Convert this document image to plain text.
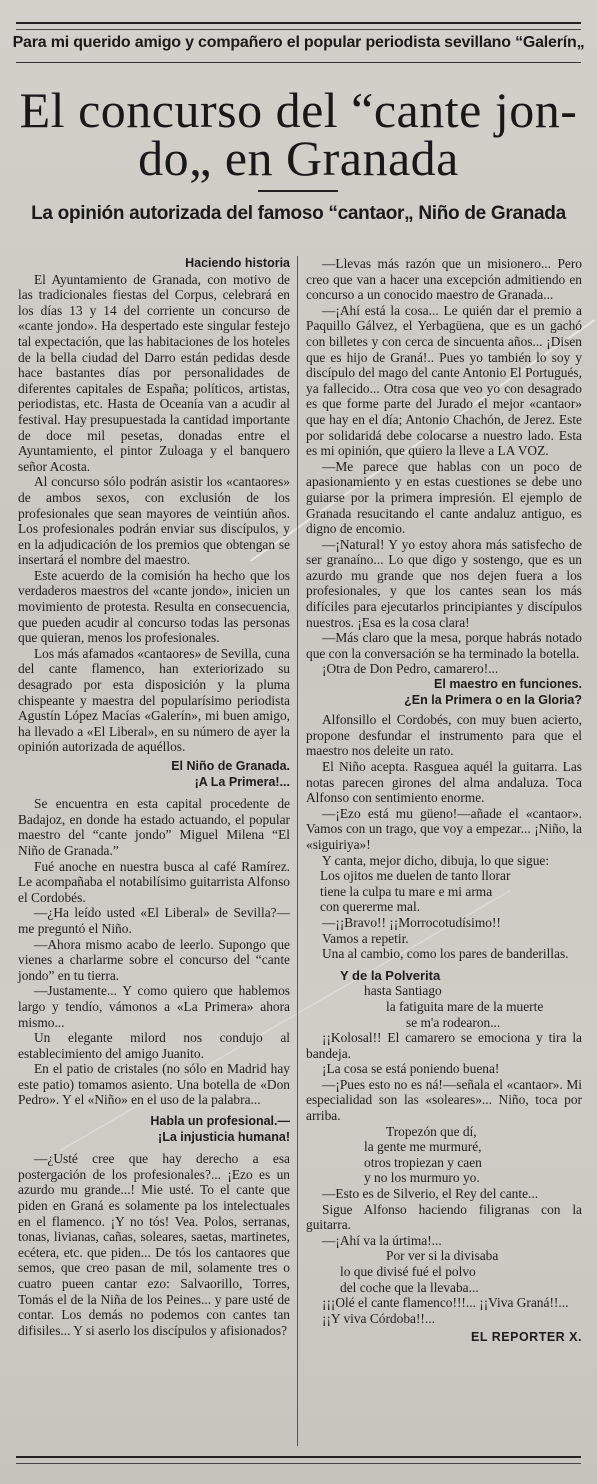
Para mi querido amigo y compañero el popular periodista sevillano “Galerín„
El concurso del “cante jon-
do„ en Granada
La opinión autorizada del famoso “cantaor„ Niño de Granada
Haciendo historia

El Ayuntamiento de Granada, con motivo de las tradicionales fiestas del Corpus, celebrará en los días 13 y 14 del corriente un concurso de «cante jondo». Ha despertado este singular festejo tal expectación, que las habitaciones de los hoteles de la bella ciudad del Darro están pedidas desde hace bastantes días por personalidades de diferentes capitales de España; políticos, artistas, periodistas, etc. Hasta de Oceanía van a acudir al festival. Hay presupuestada la cantidad importante de doce mil pesetas, donadas entre el Ayuntamiento, el pintor Zuloaga y el banquero señor Acosta.

Al concurso sólo podrán asistir los «cantaores» de ambos sexos, con exclusión de los profesionales que sean mayores de veintiún años. Los profesionales podrán enviar sus discípulos, y en la adjudicación de los premios que obtengan se insertará el nombre del maestro.

Este acuerdo de la comisión ha hecho que los verdaderos maestros del «cante jondo», inicien un movimiento de protesta. Resulta en consecuencia, que pueden acudir al concurso todas las personas que quieran, menos los profesionales.

Los más afamados «cantaores» de Sevilla, cuna del cante flamenco, han exteriorizado su desagrado por esta disposición y la pluma chispeante y maestra del popularísimo periodista Agustín López Macías «Galerín», mi buen amigo, ha llevado a «El Liberal», en su número de ayer la opinión autorizada de aquéllos.

El Niño de Granada.
¡A La Primera!...

Se encuentra en esta capital procedente de Badajoz, en donde ha estado actuando, el popular maestro del “cante jondo” Miguel Milena “El Niño de Granada.”

Fué anoche en nuestra busca al café Ramírez. Le acompañaba el notabilísimo guitarrista Alfonso el Cordobés.

—¿Ha leído usted «El Liberal» de Sevilla?—me preguntó el Niño.

—Ahora mismo acabo de leerlo. Supongo que vienes a charlarme sobre el concurso del “cante jondo” en tu tierra.

—Justamente... Y como quiero que hablemos largo y tendío, vámonos a «La Primera» ahora mismo...

Un elegante milord nos condujo al establecimiento del amigo Juanito.

En el patio de cristales (no sólo en Madrid hay este patio) tomamos asiento. Una botella de «Don Pedro». Y el «Niño» en el uso de la palabra...

Habla un profesional.—
¡La injusticia humana!

—¿Usté cree que hay derecho a esa postergación de los profesionales?... ¡Ezo es un azurdo mu grande...! Mie usté. To el cante que piden en Graná es solamente pa los intelectuales en el flamenco. ¡Y no tós! Vea. Polos, serranas, tonas, livianas, cañas, soleares, saetas, martinetes, ecétera, etc. que piden... De tós los cantaores que semos, que creo pasan de mil, solamente tres o cuatro pueen cantar ezo: Salvaorillo, Torres, Tomás el de la Niña de los Peines... y pare usté de contar. Los demás no podemos con cantes tan difisiles... Y si aserlo los discípulos y afisionados?

—Llevas más razón que un misionero... Pero creo que van a hacer una excepción admitiendo en concurso a un conocido maestro de Granada...

—¡Ahí está la cosa... Le quién dar el premio a Paquillo Gálvez, el Yerbagüena, que es un gachó con billetes y con cerca de sincuenta años... ¡Disen que es hijo de Graná!.. Pues yo también lo soy y discípulo del mago del cante Antonio El Portugués, ya fallecido... Otra cosa que veo yo con desagrado es que forme parte del Jurado el mejor «cantaor» que hay en el día; Antonio Chachón, de Jerez. Este por solidaridá debe colocarse a nuestro lado. Esta es mi opinión, que quiero la lleve a LA VOZ.

—Me parece que hablas con un poco de apasionamiento y en estas cuestiones se debe uno guiarse por la primera impresión. El ejemplo de Granada resucitando el cante andaluz antiguo, es digno de encomio.

—¡Natural! Y yo estoy ahora más satisfecho de ser granaíno... Lo que digo y sostengo, que es un azurdo mu grande que nos dejen fuera a los profesionales, y que los cantes sean los más difíciles para ejecutarlos principiantes y discípulos nuestros. ¡Esa es la cosa clara!

—Más claro que la mesa, porque habrás notado que con la conversación se ha terminado la botella.

¡Otra de Don Pedro, camarero!...

El maestro en funciones.
¿En la Primera o en la Gloria?

Alfonsillo el Cordobés, con muy buen acierto, propone desfundar el instrumento para que el maestro nos deleite un rato.

El Niño acepta. Rasguea aquél la guitarra. Las notas parecen girones del alma andaluza. Toca Alfonso con sentimiento enorme.

—¡Ezo está mu güeno!—añade el «cantaor». Vamos con un trago, que voy a empezar... ¡Niño, la «siguiriya»!

Y canta, mejor dicho, dibuja, lo que sigue:

Los ojitos me duelen de tanto llorar
tiene la culpa tu mare e mi arma
con quererme mal.

—¡¡Bravo!! ¡¡Morrocotudísimo!!

Vamos a repetir.

Una al cambio, como los pares de banderillas.

Y de la Polverita
hasta Santiago
la fatiguita mare de la muerte
se m'a rodearon...

¡¡Kolosal!! El camarero se emociona y tira la bandeja.

¡La cosa se está poniendo buena!

—¡Pues esto no es ná!—señala el «cantaor». Mi especialidad son las «soleares»... Niño, toca por arriba.

Tropezón que dí,
la gente me murmuré,
otros tropiezan y caen
y no los murmuro yo.

—Esto es de Silverio, el Rey del cante...

Sigue Alfonso haciendo filigranas con la guitarra.

—¡Ahí va la úrtima!...

Por ver si la divisaba
lo que divisé fué el polvo
del coche que la llevaba...

¡¡¡Olé el cante flamenco!!!... ¡¡Viva Graná!!...

¡¡Y viva Córdoba!!...

EL REPORTER X.
